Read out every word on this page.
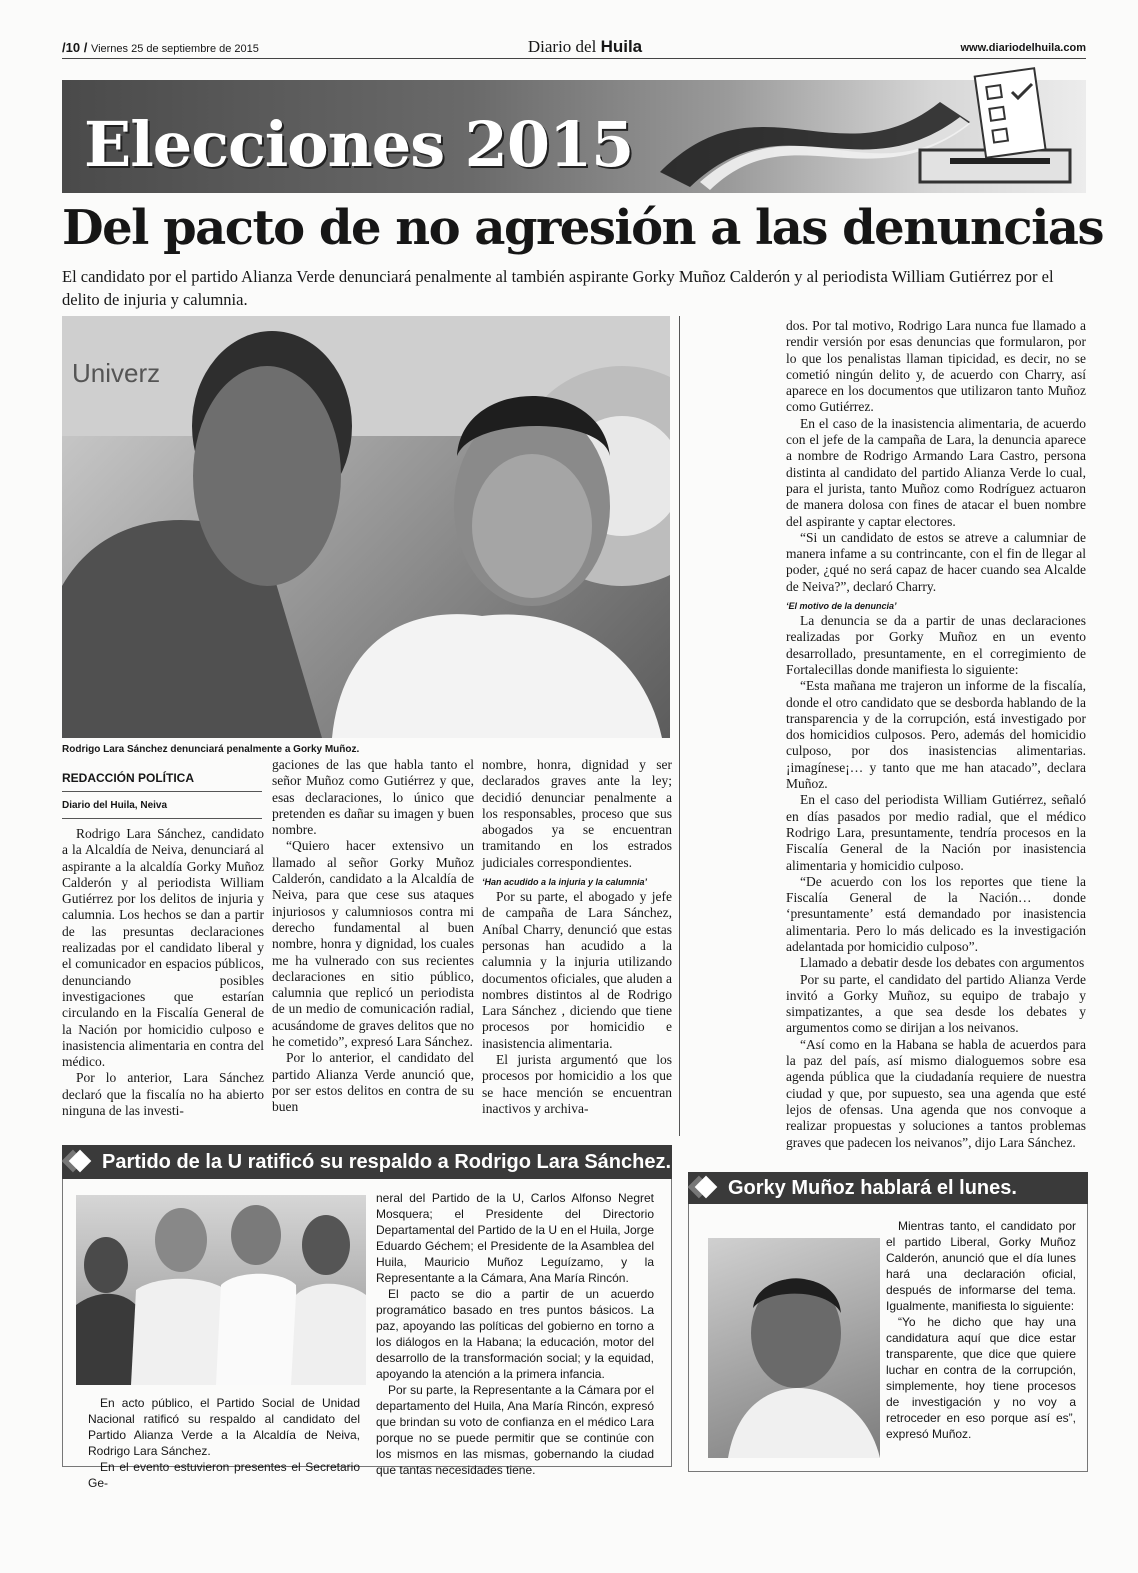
/10 / Viernes 25 de septiembre de 2015	Diario del Huila	www.diariodelhuila.com
Elecciones 2015
Del pacto de no agresión a las denuncias
El candidato por el partido Alianza Verde denunciará penalmente al también aspirante Gorky Muñoz Calderón y al periodista William Gutiérrez por el delito de injuria y calumnia.
Univerz
Rodrigo Lara Sánchez denunciará penalmente a Gorky Muñoz.
REDACCIÓN POLÍTICA
Diario del Huila, Neiva

Rodrigo Lara Sánchez, candidato a la Alcaldía de Neiva, denunciará al aspirante a la alcaldía Gorky Muñoz Calderón y al periodista William Gutiérrez por los delitos de injuria y calumnia. Los hechos se dan a partir de las presuntas declaraciones realizadas por el candidato liberal y el comunicador en espacios públicos, denunciando posibles investigaciones que estarían circulando en la Fiscalía General de la Nación por homicidio culposo e inasistencia alimentaria en contra del médico.

Por lo anterior, Lara Sánchez declaró que la fiscalía no ha abierto ninguna de las investi-

gaciones de las que habla tanto el señor Muñoz como Gutiérrez y que, esas declaraciones, lo único que pretenden es dañar su imagen y buen nombre.

“Quiero hacer extensivo un llamado al señor Gorky Muñoz Calderón, candidato a la Alcaldía de Neiva, para que cese sus ataques injuriosos y calumniosos contra mi derecho fundamental al buen nombre, honra y dignidad, los cuales me ha vulnerado con sus recientes declaraciones en sitio público, calumnia que replicó un periodista de un medio de comunicación radial, acusándome de graves delitos que no he cometido”, expresó Lara Sánchez.

Por lo anterior, el candidato del partido Alianza Verde anunció que, por ser estos delitos en contra de su buen

nombre, honra, dignidad y ser declarados graves ante la ley; decidió denunciar penalmente a los responsables, proceso que sus abogados ya se encuentran tramitando en los estrados judiciales correspondientes.

‘Han acudido a la injuria y la calumnia’

Por su parte, el abogado y jefe de campaña de Lara Sánchez, Aníbal Charry, denunció que estas personas han acudido a la calumnia y la injuria utilizando documentos oficiales, que aluden a nombres distintos al de Rodrigo Lara Sánchez , diciendo que tiene procesos por homicidio e inasistencia alimentaria.

El jurista argumentó que los procesos por homicidio a los que se hace mención se encuentran inactivos y archiva-

dos. Por tal motivo, Rodrigo Lara nunca fue llamado a rendir versión por esas denuncias que formularon, por lo que los penalistas llaman tipicidad, es decir, no se cometió ningún delito y, de acuerdo con Charry, así aparece en los documentos que utilizaron tanto Muñoz como Gutiérrez.

En el caso de la inasistencia alimentaria, de acuerdo con el jefe de la campaña de Lara, la denuncia aparece a nombre de Rodrigo Armando Lara Castro, persona distinta al candidato del partido Alianza Verde lo cual, para el jurista, tanto Muñoz como Rodríguez actuaron de manera dolosa con fines de atacar el buen nombre del aspirante y captar electores.

“Si un candidato de estos se atreve a calumniar de manera infame a su contrincante, con el fin de llegar al poder, ¿qué no será capaz de hacer cuando sea Alcalde de Neiva?”, declaró Charry.

‘El motivo de la denuncia’

La denuncia se da a partir de unas declaraciones realizadas por Gorky Muñoz en un evento desarrollado, presuntamente, en el corregimiento de Fortalecillas donde manifiesta lo siguiente:

“Esta mañana me trajeron un informe de la fiscalía, donde el otro candidato que se desborda hablando de la transparencia y de la corrupción, está investigado por dos homicidios culposos. Pero, además del homicidio culposo, por dos inasistencias alimentarias. ¡imagínese¡… y tanto que me han atacado”, declara Muñoz.

En el caso del periodista William Gutiérrez, señaló en días pasados por medio radial, que el médico Rodrigo Lara, presuntamente, tendría procesos en la Fiscalía General de la Nación por inasistencia alimentaria y homicidio culposo.

“De acuerdo con los los reportes que tiene la Fiscalía General de la Nación… donde ‘presuntamente’ está demandado por inasistencia alimentaria. Pero lo más delicado es la investigación adelantada por homicidio culposo”.

Llamado a debatir desde los debates con argumentos

Por su parte, el candidato del partido Alianza Verde invitó a Gorky Muñoz, su equipo de trabajo y simpatizantes, a que sea desde los debates y argumentos como se dirijan a los neivanos.

“Así como en la Habana se habla de acuerdos para la paz del país, así mismo dialoguemos sobre esa agenda pública que la ciudadanía requiere de nuestra ciudad y que, por supuesto, sea una agenda que esté lejos de ofensas. Una agenda que nos convoque a realizar propuestas y soluciones a tantos problemas graves que padecen los neivanos”, dijo Lara Sánchez.

Partido de la U ratificó su respaldo a Rodrigo Lara Sánchez.

En acto público, el Partido Social de Unidad Nacional ratificó su respaldo al candidato del Partido Alianza Verde a la Alcaldía de Neiva, Rodrigo Lara Sánchez.

En el evento estuvieron presentes el Secretario Ge-

neral del Partido de la U, Carlos Alfonso Negret Mosquera; el Presidente del Directorio Departamental del Partido de la U en el Huila, Jorge Eduardo Géchem; el Presidente de la Asamblea del Huila, Mauricio Muñoz Leguízamo, y la Representante a la Cámara, Ana María Rincón.

El pacto se dio a partir de un acuerdo programático basado en tres puntos básicos. La paz, apoyando las políticas del gobierno en torno a los diálogos en la Habana; la educación, motor del desarrollo de la transformación social; y la equidad, apoyando la atención a la primera infancia.

Por su parte, la Representante a la Cámara por el departamento del Huila, Ana María Rincón, expresó que brindan su voto de confianza en el médico Lara porque no se puede permitir que se continúe con los mismos en las mismas, gobernando la ciudad que tantas necesidades tiene.

Gorky Muñoz hablará el lunes.

Mientras tanto, el candidato por el partido Liberal, Gorky Muñoz Calderón, anunció que el día lunes hará una declaración oficial, después de informarse del tema. Igualmente, manifiesta lo siguiente:

“Yo he dicho que hay una candidatura aquí que dice estar transparente, que dice que quiere luchar en contra de la corrupción, simplemente, hoy tiene procesos de investigación y no voy a retroceder en eso porque así es”, expresó Muñoz.
